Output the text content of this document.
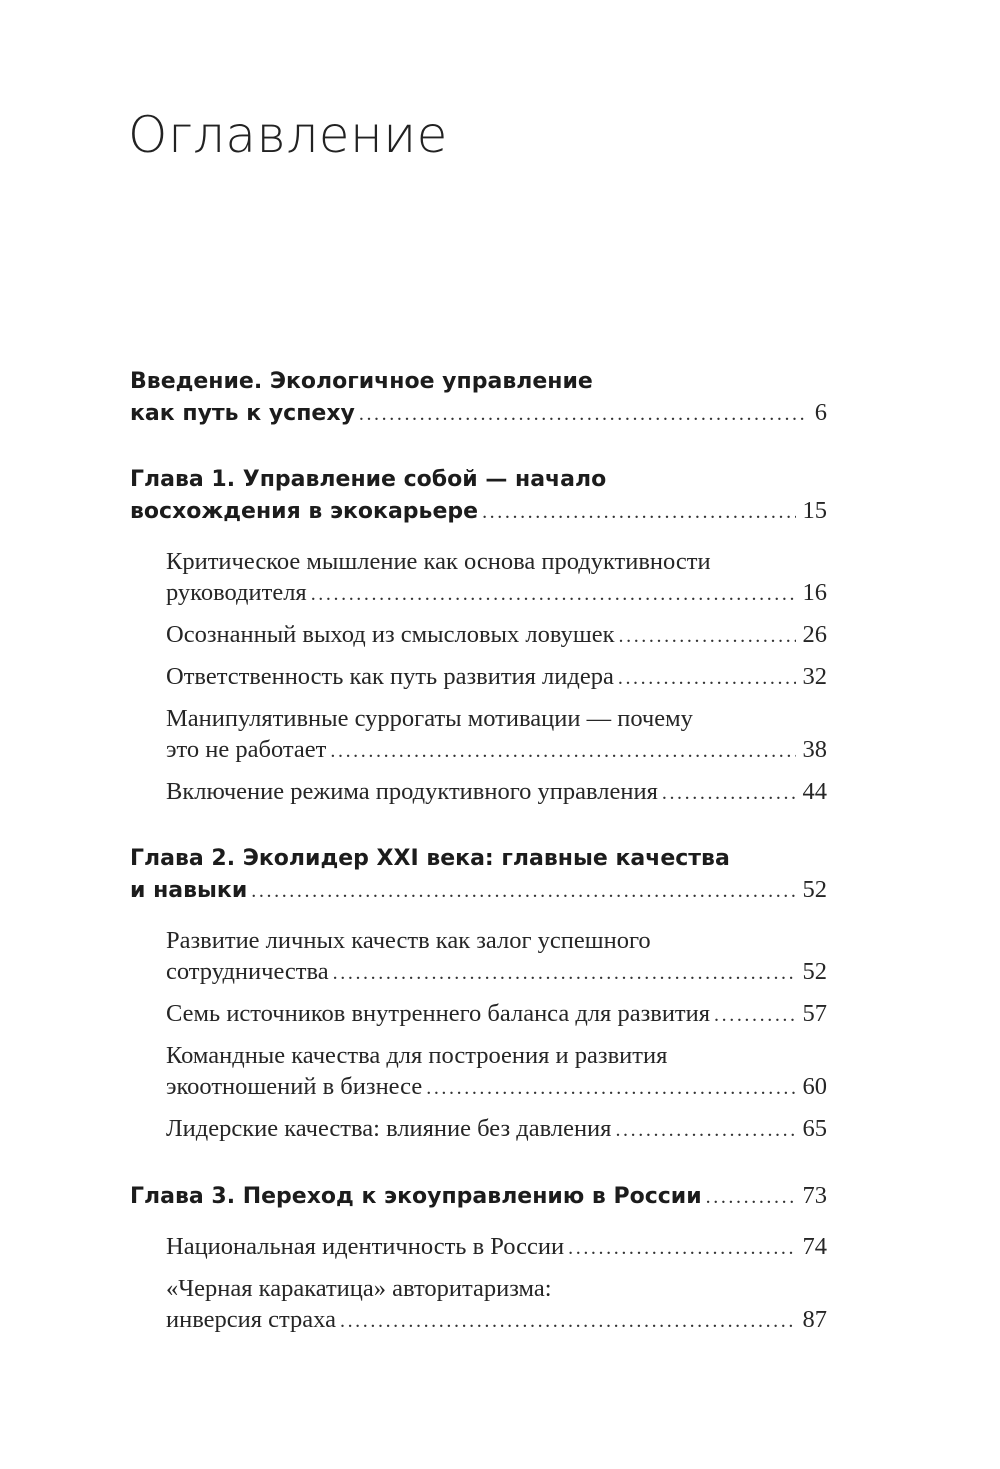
Оглавление
Введение. Экологичное управление
как путь к успеху . . .	6
Глава 1. Управление собой — начало
восхождения в экокарьере . . .	15
Критическое мышление как основа продуктивности
руководителя . . .	16
Осознанный выход из смысловых ловушек . . .	26
Ответственность как путь развития лидера . . .	32
Манипулятивные суррогаты мотивации — почему
это не работает . . .	38
Включение режима продуктивного управления . . .	44
Глава 2. Эколидер XXI века: главные качества
и навыки . . .	52
Развитие личных качеств как залог успешного
сотрудничества . . .	52
Семь источников внутреннего баланса для развития . . .	57
Командные качества для построения и развития
экоотношений в бизнесе . . .	60
Лидерские качества: влияние без давления . . .	65
Глава 3. Переход к экоуправлению в России . . .	73
Национальная идентичность в России . . .	74
«Черная каракатица» авторитаризма:
инверсия страха . . .	87
